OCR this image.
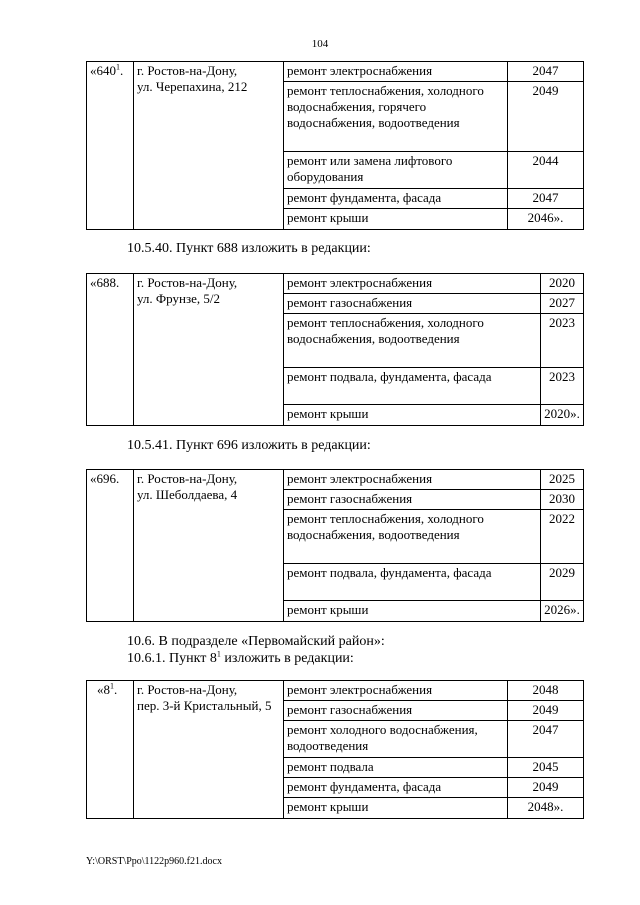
104
«$640^1$.	г. Ростов-на-Дону,
ул. Черепахина, 212	ремонт электроснабжения	2047
		ремонт теплоснабжения, холодного водоснабжения, горячего водоснабжения, водоотведения	2049
		ремонт или замена лифтового оборудования	2044
		ремонт фундамента, фасада	2047
		ремонт крыши	2046».
10.5.40. Пункт 688 изложить в редакции:
«688.	г. Ростов-на-Дону,
ул. Фрунзе, 5/2	ремонт электроснабжения	2020
		ремонт газоснабжения	2027
		ремонт теплоснабжения, холодного водоснабжения, водоотведения	2023
		ремонт подвала, фундамента, фасада	2023
		ремонт крыши	2020».
10.5.41. Пункт 696 изложить в редакции:
«696.	г. Ростов-на-Дону,
ул. Шеболдаева, 4	ремонт электроснабжения	2025
		ремонт газоснабжения	2030
		ремонт теплоснабжения, холодного водоснабжения, водоотведения	2022
		ремонт подвала, фундамента, фасада	2029
		ремонт крыши	2026».
10.6. В подразделе «Первомайский район»:
10.6.1. Пункт $8^1$ изложить в редакции:
«$8^1$.	г. Ростов-на-Дону,
пер. 3-й Кристальный, 5	ремонт электроснабжения	2048
		ремонт газоснабжения	2049
		ремонт холодного водоснабжения, водоотведения	2047
		ремонт подвала	2045
		ремонт фундамента, фасада	2049
		ремонт крыши	2048».
Y:\ORST\Ppo\1122p960.f21.docx
